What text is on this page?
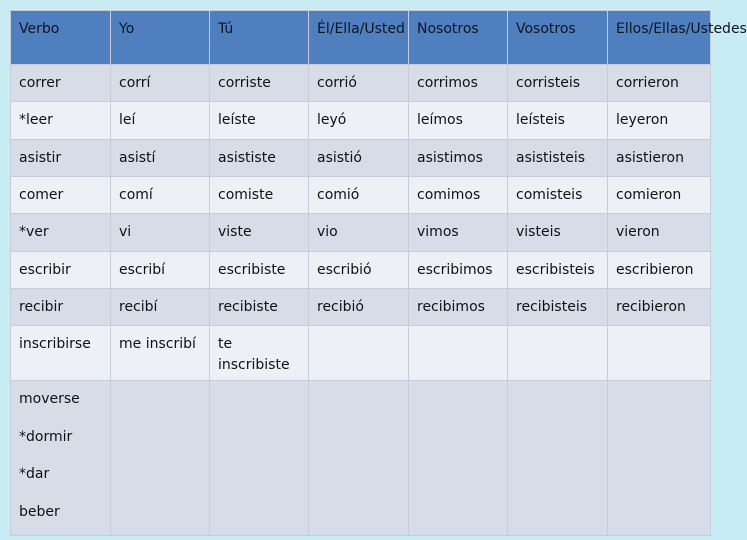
Verbo	Yo	Tú	Él/Ella/Usted	Nosotros	Vosotros	Ellos/Ellas/Ustedes
correr	corrí	corriste	corrió	corrimos	corristeis	corrieron
*leer	leí	leíste	leyó	leímos	leísteis	leyeron
asistir	asistí	asististe	asistió	asistimos	asististeis	asistieron
comer	comí	comiste	comió	comimos	comisteis	comieron
*ver	vi	viste	vio	vimos	visteis	vieron
escribir	escribí	escribiste	escribió	escribimos	escribisteis	escribieron
recibir	recibí	recibiste	recibió	recibimos	recibisteis	recibieron
inscribirse	me inscribí	te inscribiste				

moverse
*dormir
*dar
beber						
